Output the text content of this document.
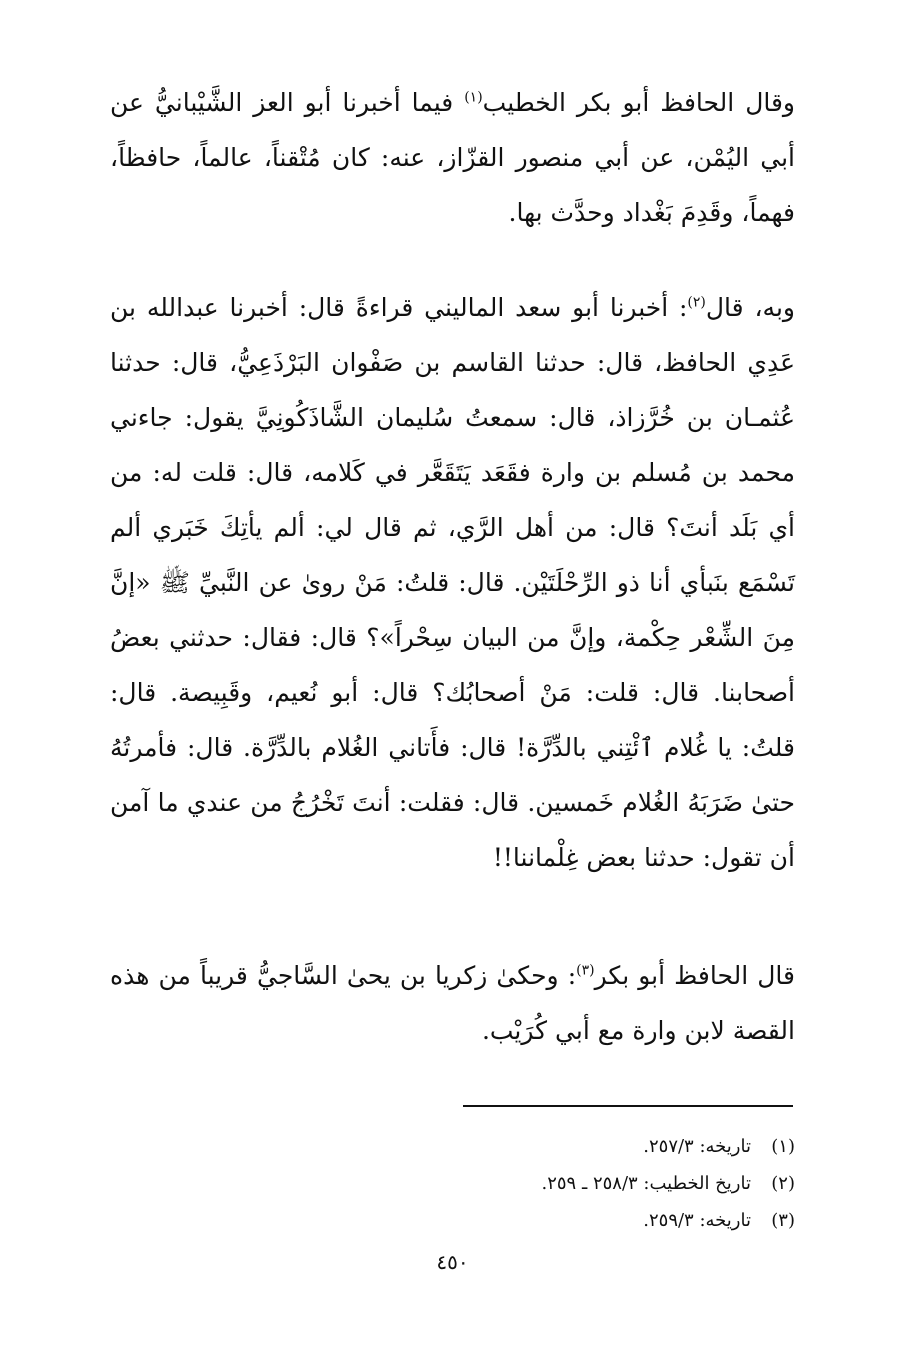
وقال الحافظ أبو بكر الخطيب$^{(١)}$ فيما أخبرنا أبو العز الشَّيْبانيُّ عن أبي اليُمْن، عن أبي منصور القزّاز، عنه: كان مُتْقناً، عالماً، حافظاً، فهماً، وقَدِمَ بَغْداد وحدَّث بها.

وبه، قال$^{(٢)}$: أخبرنا أبو سعد الماليني قراءةً قال: أخبرنا عبدالله بن عَدِي الحافظ، قال: حدثنا القاسم بن صَفْوان البَرْذَعِيُّ، قال: حدثنا عُثمـان بن خُرَّزاذ، قال: سمعتُ سُليمان الشَّاذَكُونِيَّ يقول: جاءني محمد بن مُسلم بن وارة فقَعَد يَتَقَعَّر في كَلامه، قال: قلت له: من أي بَلَد أنتَ؟ قال: من أهل الرَّي، ثم قال لي: ألم يأتِكَ خَبَري ألم تَسْمَع بنَبأي أنا ذو الرِّحْلَتَيْن. قال: قلتُ: مَنْ روىٰ عن النَّبيِّ ﷺ «إنَّ مِنَ الشِّعْر حِكْمة، وإنَّ من البيان سِحْراً»؟ قال: فقال: حدثني بعضُ أصحابنا. قال: قلت: مَنْ أصحابُك؟ قال: أبو نُعيم، وقَبِيصة. قال: قلتُ: يا غُلام ٱئْتِني بالدِّرَّة! قال: فأَتاني الغُلام بالدِّرَّة. قال: فأمرتُهُ حتىٰ ضَرَبَهُ الغُلام خَمسين. قال: فقلت: أنتَ تَخْرُجُ من عندي ما آمن أن تقول: حدثنا بعض غِلْماننا!!

قال الحافظ أبو بكر$^{(٣)}$: وحكىٰ زكريا بن يحىٰ السَّاجيُّ قريباً من هذه القصة لابن وارة مع أبي كُرَيْب.

(١)تاريخه: ٢٥٧/٣.
(٢)تاريخ الخطيب: ٢٥٨/٣ ـ ٢٥٩.
(٣)تاريخه: ٢٥٩/٣.
٤٥٠
